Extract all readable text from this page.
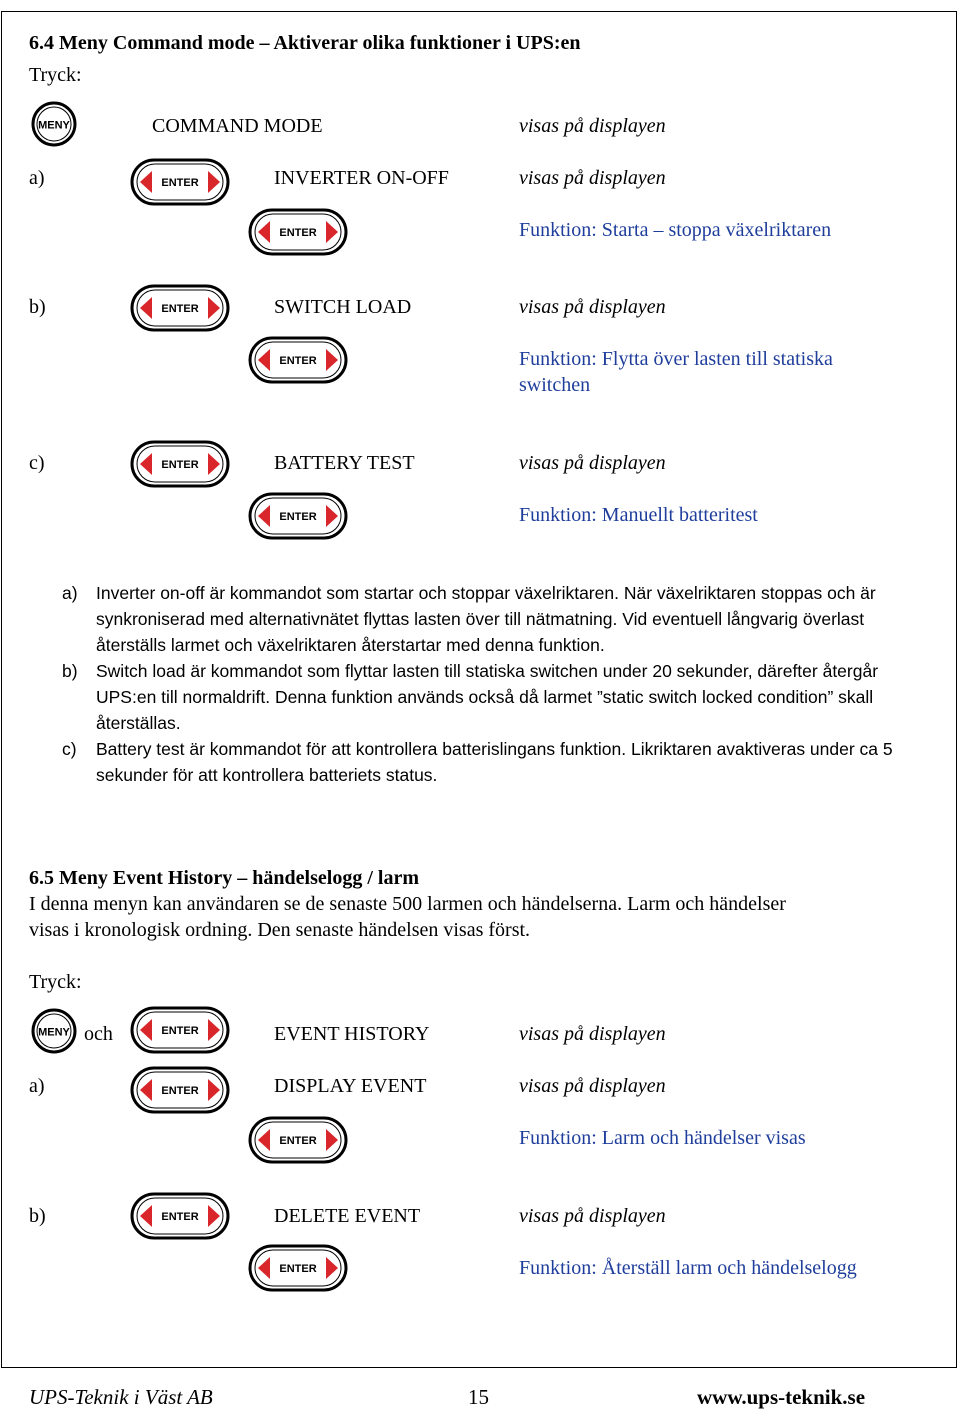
6.4 Meny Command mode – Aktiverar olika funktioner i UPS:en
Tryck:
MENY	COMMAND MODE	visas på displayen
a)	ENTER	INVERTER ON-OFF	visas på displayen
ENTER	Funktion: Starta – stoppa växelriktaren
b)	ENTER	SWITCH LOAD	visas på displayen
ENTER	Funktion: Flytta över lasten till statiska
switchen
c)	ENTER	BATTERY TEST	visas på displayen
ENTER	Funktion: Manuellt batteritest

a) Inverter on-off är kommandot som startar och stoppar växelriktaren. När växelriktaren stoppas och är synkroniserad med alternativnätet flyttas lasten över till nätmatning. Vid eventuell långvarig överlast återställs larmet och växelriktaren återstartar med denna funktion.

b) Switch load är kommandot som flyttar lasten till statiska switchen under 20 sekunder, därefter återgår UPS:en till normaldrift. Denna funktion används också då larmet ”static switch locked condition” skall återställas.

c) Battery test är kommandot för att kontrollera batterislingans funktion. Likriktaren avaktiveras under ca 5 sekunder för att kontrollera batteriets status.

6.5 Meny Event History – händelselogg / larm
I denna menyn kan användaren se de senaste 500 larmen och händelserna. Larm och händelser
visas i kronologisk ordning. Den senaste händelsen visas först.
Tryck:
MENY och	ENTER	EVENT HISTORY	visas på displayen
a)	ENTER	DISPLAY EVENT	visas på displayen
ENTER	Funktion: Larm och händelser visas
b)	ENTER	DELETE EVENT	visas på displayen
ENTER	Funktion: Återställ larm och händelselogg
UPS-Teknik i Väst AB	15	www.ups-teknik.se
